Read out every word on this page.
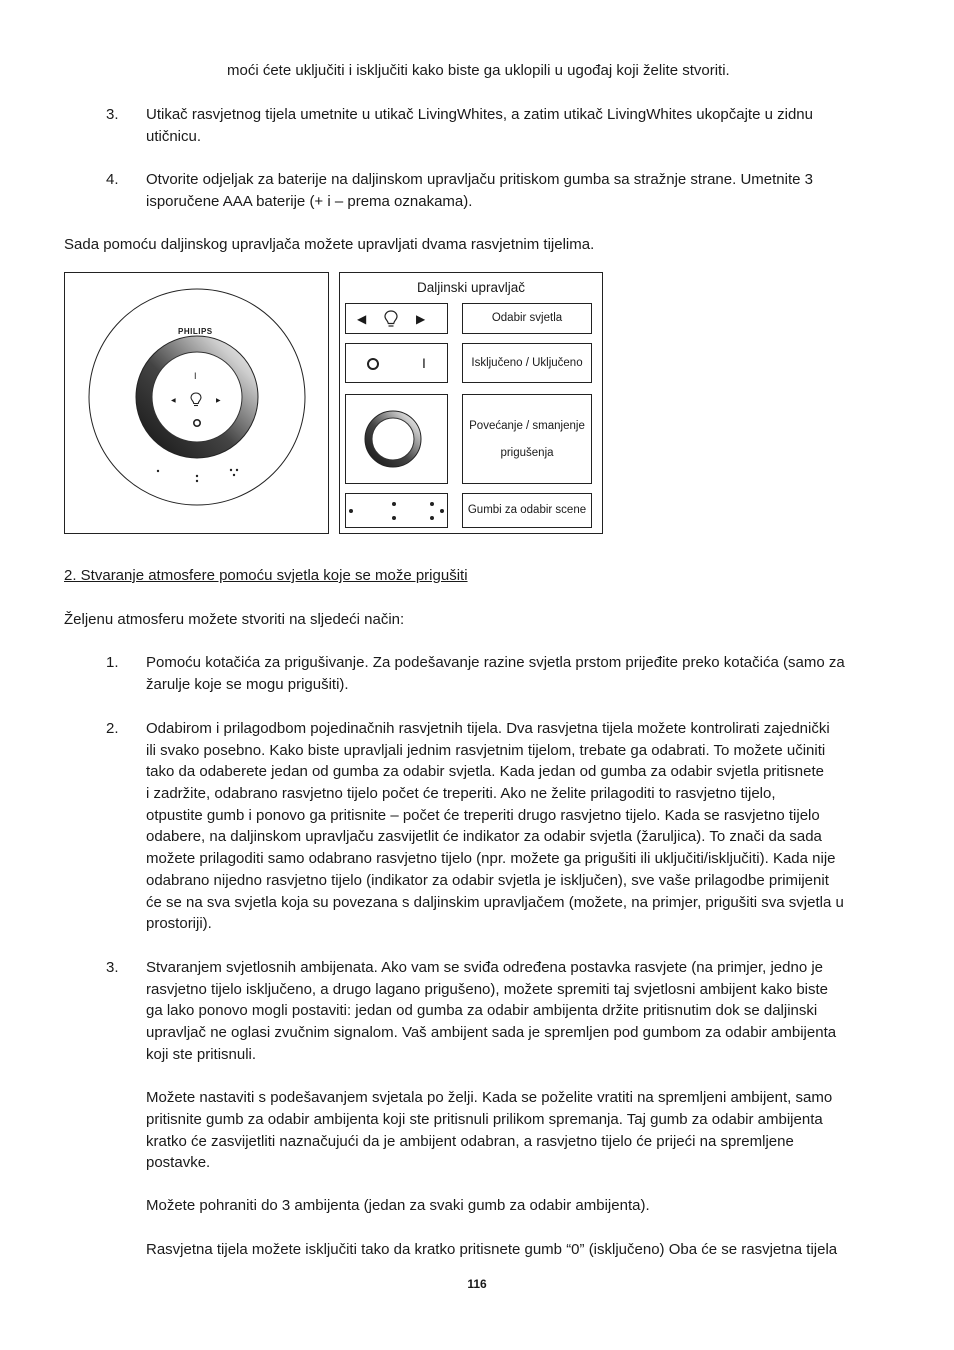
moći ćete uključiti i isključiti kako biste ga uklopili u ugođaj koji želite stvoriti.
3. Utikač rasvjetnog tijela umetnite u utikač LivingWhites, a zatim utikač LivingWhites ukopčajte u zidnu
utičnicu.
4. Otvorite odjeljak za baterije na daljinskom upravljaču pritiskom gumba sa stražnje strane. Umetnite 3
isporučene AAA baterije (+ i – prema oznakama).
Sada pomoću daljinskog upravljača možete upravljati dvama rasvjetnim tijelima.
PHILIPS
I
◀	▶
Daljinski upravljač
◀	▶	Odabir svjetla
I	Isključeno / Uključeno
Povećanje / smanjenje
prigušenja
Gumbi za odabir scene
2. Stvaranje atmosfere pomoću svjetla koje se može prigušiti
Željenu atmosferu možete stvoriti na sljedeći način:
1.	Pomoću kotačića za prigušivanje. Za podešavanje razine svjetla prstom prijeđite preko kotačića (samo za
žarulje koje se mogu prigušiti).
2.	Odabirom i prilagodbom pojedinačnih rasvjetnih tijela. Dva rasvjetna tijela možete kontrolirati zajednički
ili svako posebno. Kako biste upravljali jednim rasvjetnim tijelom, trebate ga odabrati. To možete učiniti
tako da odaberete jedan od gumba za odabir svjetla. Kada jedan od gumba za odabir svjetla pritisnete
i zadržite, odabrano rasvjetno tijelo počet će treperiti. Ako ne želite prilagoditi to rasvjetno tijelo,
otpustite gumb i ponovo ga pritisnite – počet će treperiti drugo rasvjetno tijelo. Kada se rasvjetno tijelo
odabere, na daljinskom upravljaču zasvijetlit će indikator za odabir svjetla (žaruljica). To znači da sada
možete prilagoditi samo odabrano rasvjetno tijelo (npr. možete ga prigušiti ili uključiti/isključiti). Kada nije
odabrano nijedno rasvjetno tijelo (indikator za odabir svjetla je isključen), sve vaše prilagodbe primijenit
će se na sva svjetla koja su povezana s daljinskim upravljačem (možete, na primjer, prigušiti sva svjetla u
prostoriji).
3.	Stvaranjem svjetlosnih ambijenata. Ako vam se sviđa određena postavka rasvjete (na primjer, jedno je
rasvjetno tijelo isključeno, a drugo lagano prigušeno), možete spremiti taj svjetlosni ambijent kako biste
ga lako ponovo mogli postaviti: jedan od gumba za odabir ambijenta držite pritisnutim dok se daljinski
upravljač ne oglasi zvučnim signalom. Vaš ambijent sada je spremljen pod gumbom za odabir ambijenta
koji ste pritisnuli.
Možete nastaviti s podešavanjem svjetala po želji. Kada se poželite vratiti na spremljeni ambijent, samo
pritisnite gumb za odabir ambijenta koji ste pritisnuli prilikom spremanja. Taj gumb za odabir ambijenta
kratko će zasvijetliti naznačujući da je ambijent odabran, a rasvjetno tijelo će prijeći na spremljene
postavke.
Možete pohraniti do 3 ambijenta (jedan za svaki gumb za odabir ambijenta).
Rasvjetna tijela možete isključiti tako da kratko pritisnete gumb “0” (isključeno) Oba će se rasvjetna tijela
116
